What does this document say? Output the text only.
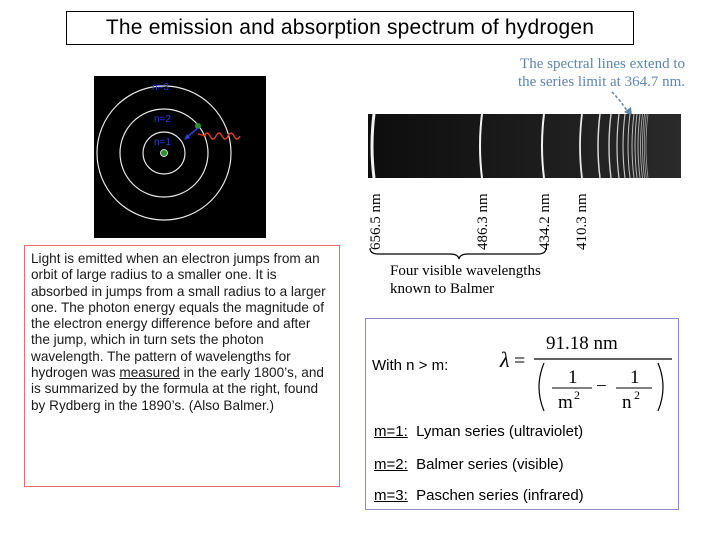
The emission and absorption spectrum of hydrogen
n=3
n=2
n=1
The spectral lines extend to
the series limit at 364.7 nm.
656.5 nm	486.3 nm	434.2 nm 410.3 nm
Four visible wavelengths
known to Balmer
Light is emitted when an electron jumps from an orbit of large radius to a smaller one. It is absorbed in jumps from a small radius to a larger one. The photon energy equals the magnitude of the electron energy difference before and after the jump, which in turn sets the photon wavelength. The pattern of wavelengths for hydrogen was measured in the early 1800’s, and is summarized by the formula at the right, found by Rydberg in the 1890’s. (Also Balmer.)
With n > m: λ =
91.18 nm
1
m 2 − 1
n 2
m=1: Lyman series (ultraviolet)
m=2: Balmer series (visible)
m=3: Paschen series (infrared)
